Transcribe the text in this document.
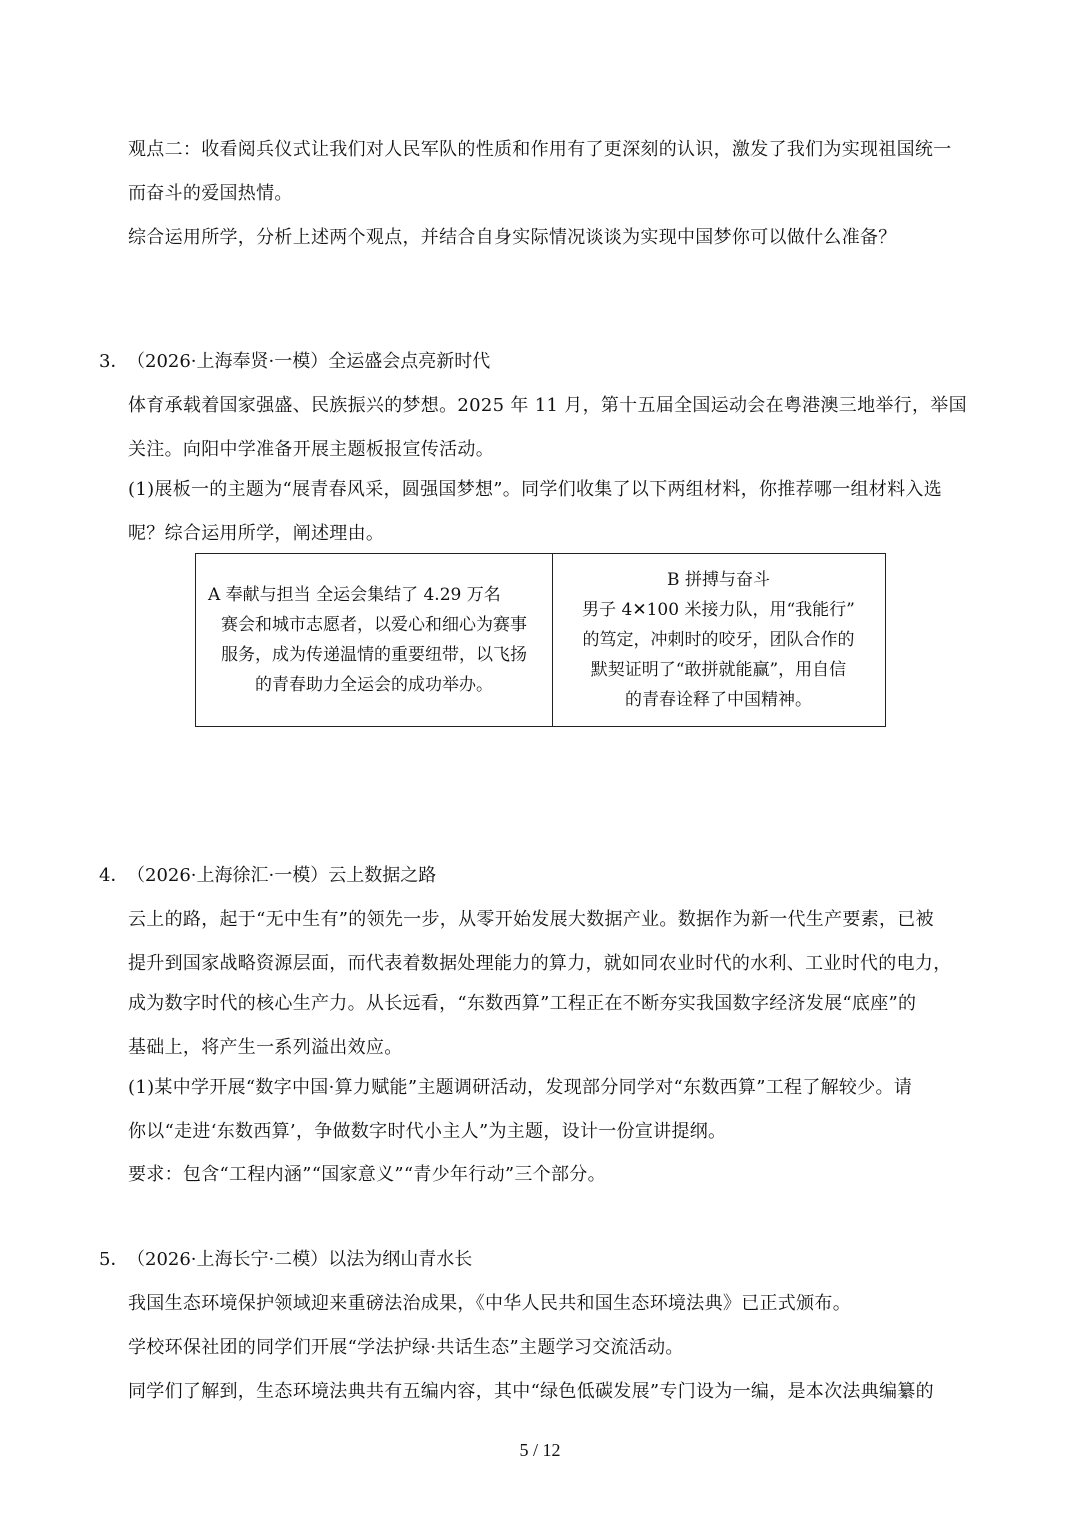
观点二：收看阅兵仪式让我们对人民军队的性质和作用有了更深刻的认识，激发了我们为实现祖国统一
而奋斗的爱国热情。
综合运用所学，分析上述两个观点，并结合自身实际情况谈谈为实现中国梦你可以做什么准备？
3．（2026·上海奉贤·一模）全运盛会点亮新时代
体育承载着国家强盛、民族振兴的梦想。2025 年 11 月，第十五届全国运动会在粤港澳三地举行，举国
关注。向阳中学准备开展主题板报宣传活动。
(1)展板一的主题为“展青春风采，圆强国梦想”。同学们收集了以下两组材料，你推荐哪一组材料入选
呢？综合运用所学，阐述理由。
A 奉献与担当 全运会集结了 4.29 万名
赛会和城市志愿者，以爱心和细心为赛事
服务，成为传递温情的重要纽带，以飞扬
的青春助力全运会的成功举办。
B 拼搏与奋斗
男子 4✕100 米接力队，用“我能行”
的笃定，冲刺时的咬牙，团队合作的
默契证明了“敢拼就能赢”，用自信
的青春诠释了中国精神。
4．（2026·上海徐汇·一模）云上数据之路
云上的路，起于“无中生有”的领先一步，从零开始发展大数据产业。数据作为新一代生产要素，已被
提升到国家战略资源层面，而代表着数据处理能力的算力，就如同农业时代的水利、工业时代的电力，
成为数字时代的核心生产力。从长远看，“东数西算”工程正在不断夯实我国数字经济发展“底座”的
基础上，将产生一系列溢出效应。
(1)某中学开展“数字中国·算力赋能”主题调研活动，发现部分同学对“东数西算”工程了解较少。请
你以“走进‘东数西算’，争做数字时代小主人”为主题，设计一份宣讲提纲。
要求：包含“工程内涵”“国家意义”“青少年行动”三个部分。
5．（2026·上海长宁·二模）以法为纲山青水长
我国生态环境保护领域迎来重磅法治成果，《中华人民共和国生态环境法典》已正式颁布。
学校环保社团的同学们开展“学法护绿·共话生态”主题学习交流活动。
同学们了解到，生态环境法典共有五编内容，其中“绿色低碳发展”专门设为一编，是本次法典编纂的
5 / 12
